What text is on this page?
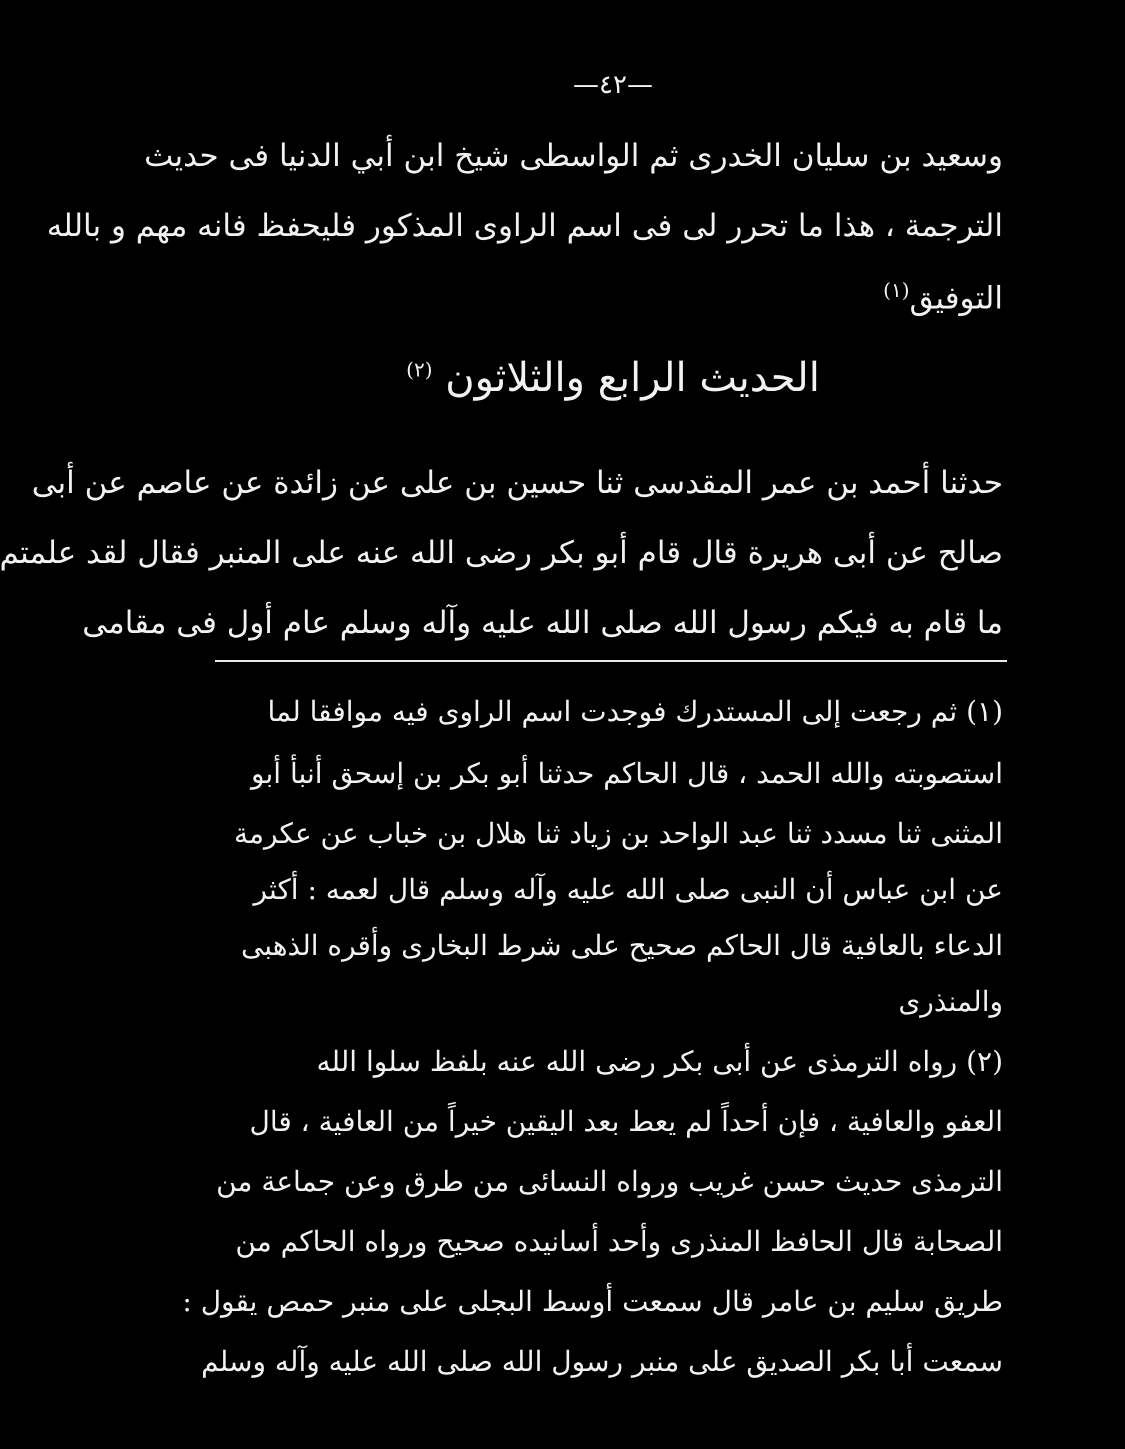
—٤٢—
وسعيد بن سليان الخدرى ثم الواسطى شيخ ابن أبي الدنيا فى حديث
الترجمة ، هذا ما تحرر لى فى اسم الراوى المذكور فليحفظ فانه مهم و بالله
التوفيق$^{(١)}$
الحديث الرابع والثلاثون $^{(٢)}$
حدثنا أحمد بن عمر المقدسى ثنا حسين بن على عن زائدة عن عاصم عن أبى
صالح عن أبى هريرة قال قام أبو بكر رضى الله عنه على المنبر فقال لقد علمتم
ما قام به فيكم رسول الله صلى الله عليه وآله وسلم عام أول فى مقامى
(١) ثم رجعت إلى المستدرك فوجدت اسم الراوى فيه موافقا لما
استصوبته والله الحمد ، قال الحاكم حدثنا أبو بكر بن إسحق أنبأ أبو
المثنى ثنا مسدد ثنا عبد الواحد بن زياد ثنا هلال بن خباب عن عكرمة
عن ابن عباس أن النبى صلى الله عليه وآله وسلم قال لعمه : أكثر
الدعاء بالعافية قال الحاكم صحيح على شرط البخارى وأقره الذهبى
والمنذرى
(٢) رواه الترمذى عن أبى بكر رضى الله عنه بلفظ سلوا الله
العفو والعافية ، فإن أحداً لم يعط بعد اليقين خيراً من العافية ، قال
الترمذى حديث حسن غريب ورواه النسائى من طرق وعن جماعة من
الصحابة قال الحافظ المنذرى وأحد أسانيده صحيح ورواه الحاكم من
طريق سليم بن عامر قال سمعت أوسط البجلى على منبر حمص يقول :
سمعت أبا بكر الصديق على منبر رسول الله صلى الله عليه وآله وسلم
